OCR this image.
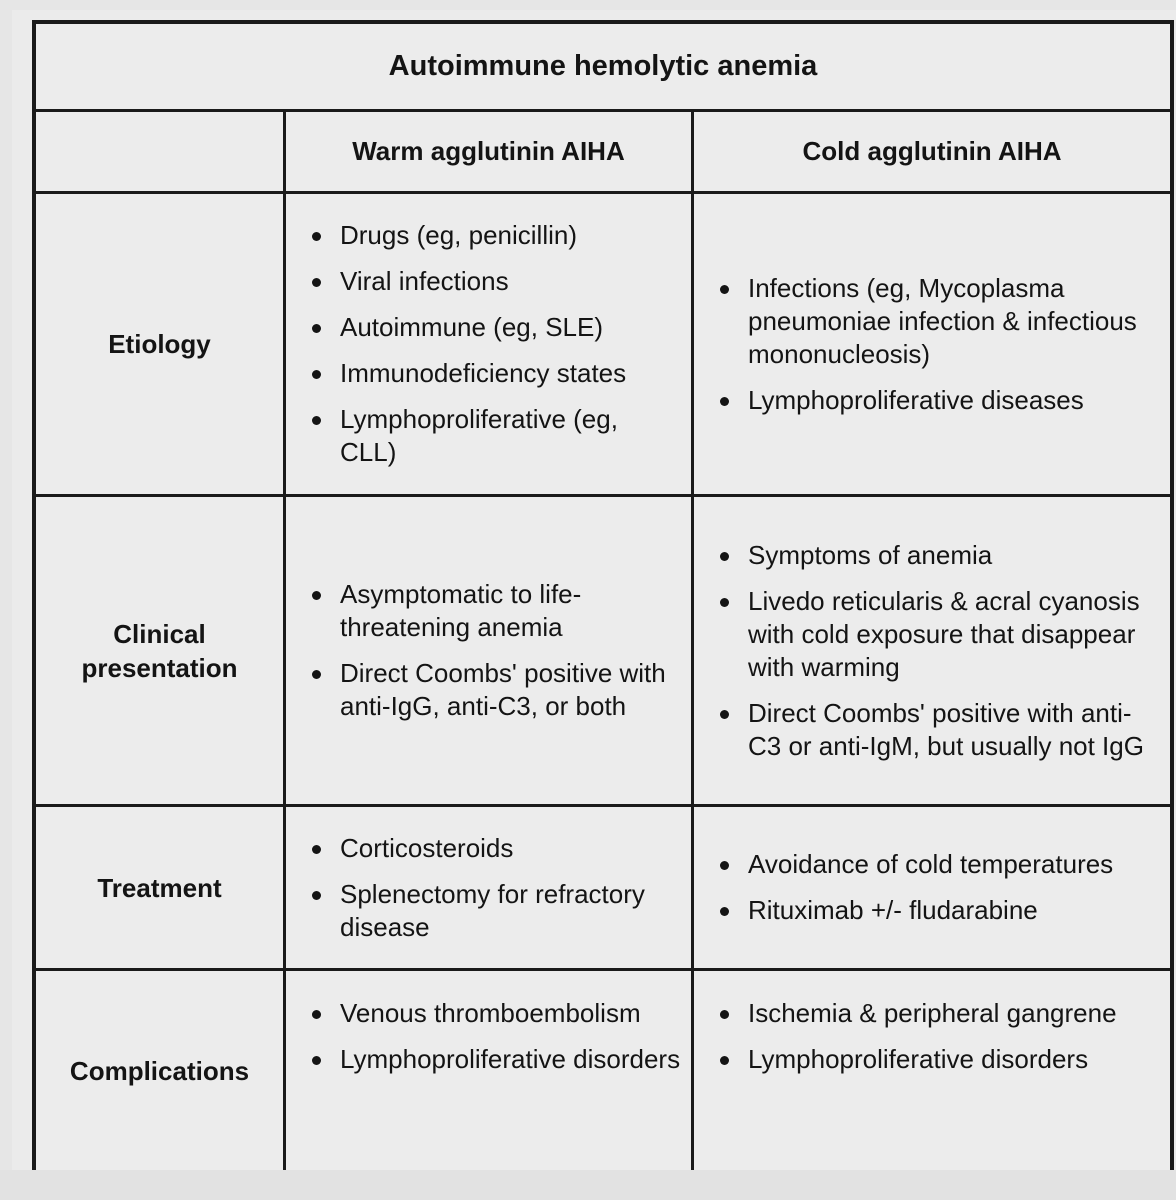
Autoimmune hemolytic anemia
Warm agglutinin AIHA	Cold agglutinin AIHA
Etiology
Drugs (eg, penicillin)
Viral infections
Autoimmune (eg, SLE)
Immunodeficiency states
Lymphoproliferative (eg, CLL)
Infections (eg, Mycoplasma pneumoniae infection & infectious mononucleosis)
Lymphoproliferative diseases
Clinical
presentation
Asymptomatic to life-threatening anemia
Direct Coombs' positive with anti-IgG, anti-C3, or both
Symptoms of anemia
Livedo reticularis & acral cyanosis with cold exposure that disappear with warming
Direct Coombs' positive with anti-C3 or anti-IgM, but usually not IgG
Treatment
Corticosteroids
Splenectomy for refractory disease
Avoidance of cold temperatures
Rituximab +/- fludarabine
Complications
Venous thromboembolism
Lymphoproliferative disorders
Ischemia & peripheral gangrene
Lymphoproliferative disorders
